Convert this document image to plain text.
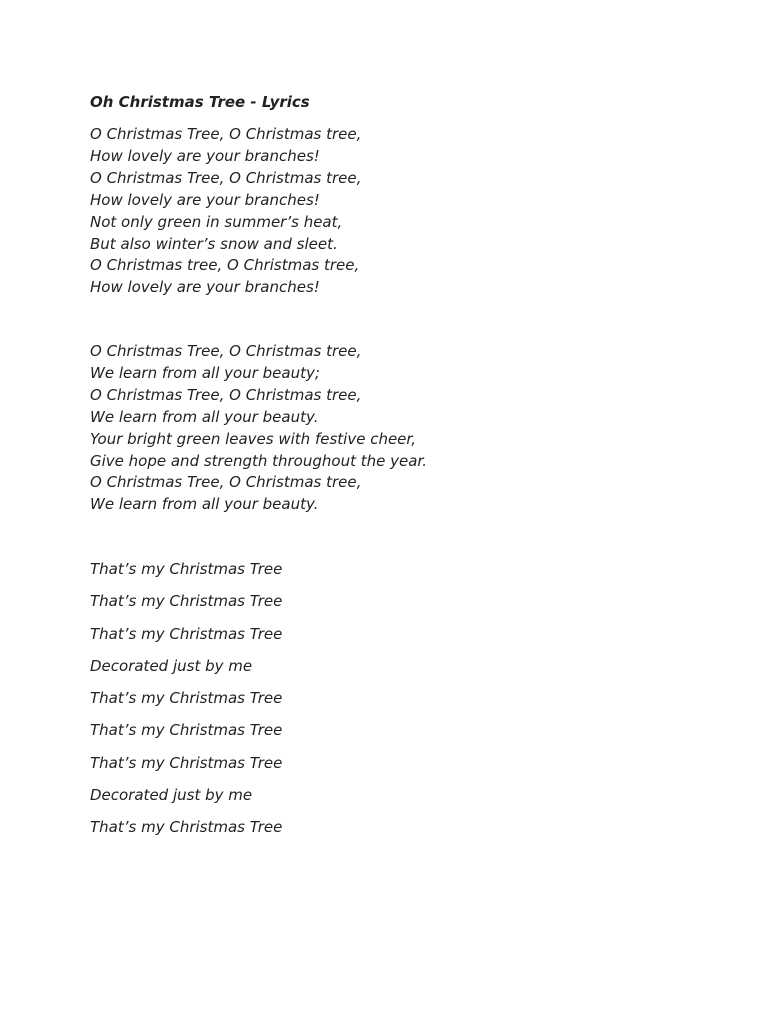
Oh Christmas Tree - Lyrics
O Christmas Tree, O Christmas tree,
How lovely are your branches!
O Christmas Tree, O Christmas tree,
How lovely are your branches!
Not only green in summer’s heat,
But also winter’s snow and sleet.
O Christmas tree, O Christmas tree,
How lovely are your branches!
O Christmas Tree, O Christmas tree,
We learn from all your beauty;
O Christmas Tree, O Christmas tree,
We learn from all your beauty.
Your bright green leaves with festive cheer,
Give hope and strength throughout the year.
O Christmas Tree, O Christmas tree,
We learn from all your beauty.
That’s my Christmas Tree
That’s my Christmas Tree
That’s my Christmas Tree
Decorated just by me
That’s my Christmas Tree
That’s my Christmas Tree
That’s my Christmas Tree
Decorated just by me
That’s my Christmas Tree
